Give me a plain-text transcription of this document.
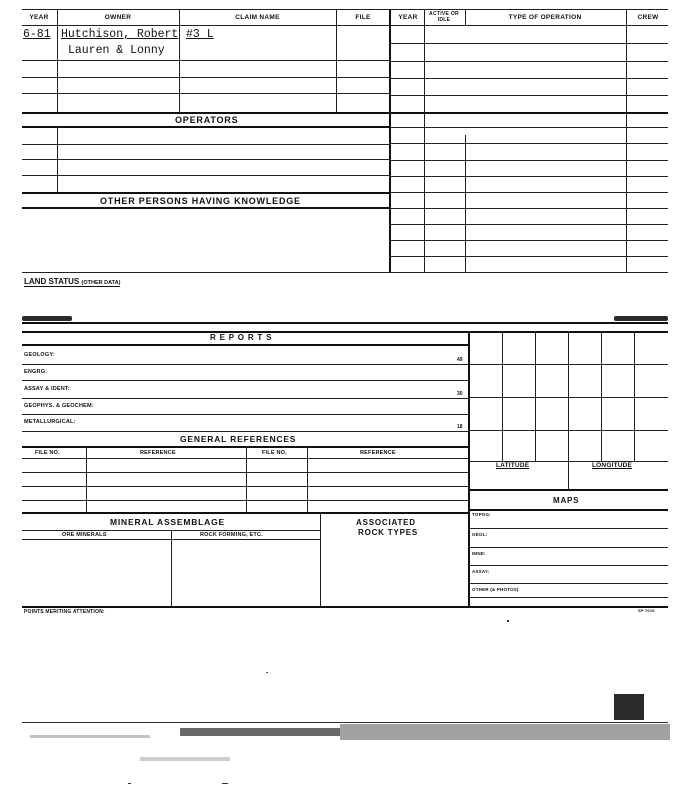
YEAR	OWNER	CLAIM NAME	FILE	YEAR	ACTIVE OR IDLE	TYPE OF OPERATION	CREW
6-81 Hutchison, Robert #3 L
Lauren & Lonny
OPERATORS
OTHER PERSONS HAVING KNOWLEDGE
LAND STATUS (OTHER DATA)
R E P O R T S
GEOLOGY:
49
ENGRG:
ASSAY & IDENT:
30
GEOPHYS. & GEOCHEM:
METALLURGICAL:
18
GENERAL REFERENCES
FILE NO.	REFERENCE	FILE NO.	REFERENCE
MINERAL ASSEMBLAGE
ORE MINERALS	ROCK FORMING, ETC.
ASSOCIATED
ROCK TYPES
LATITUDE	LONGITUDE
MAPS
TOPOG:
GEOL:
MINE:
ASSAY:
OTHER (& PHOTOS)
POINTS MERITING ATTENTION:	SP 7019
